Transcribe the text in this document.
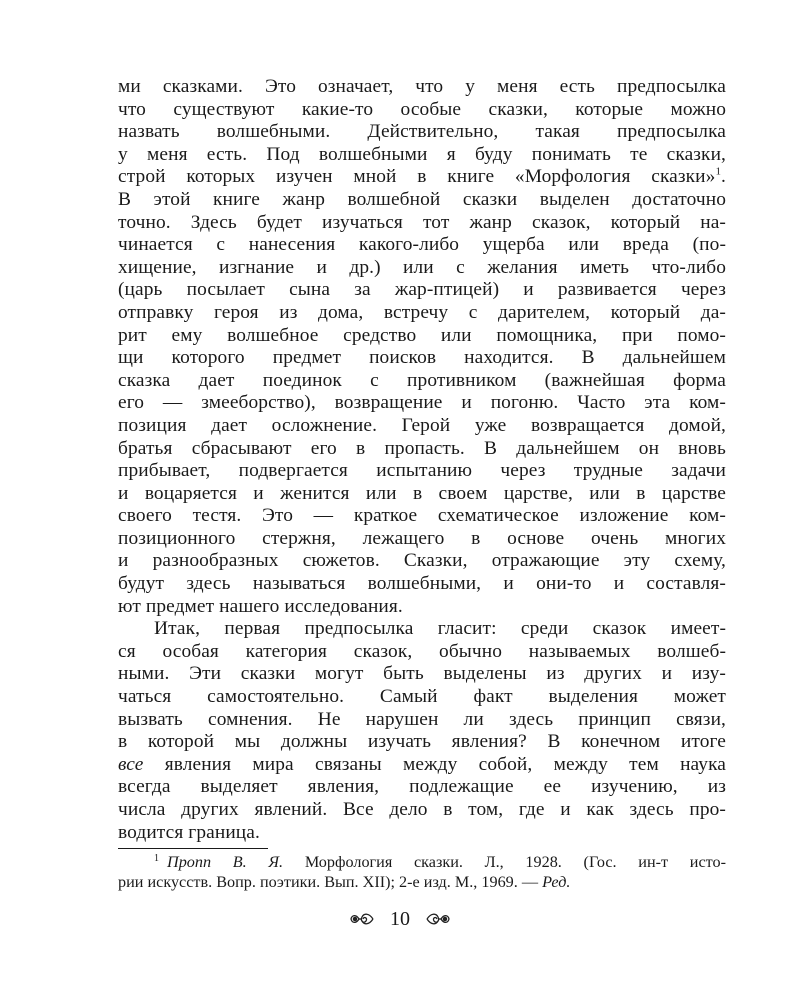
ми сказками. Это означает, что у меня есть предпосылка
что существуют какие-то особые сказки, которые можно
назвать волшебными. Действительно, такая предпосылка
у меня есть. Под волшебными я буду понимать те сказки,
строй которых изучен мной в книге «Морфология сказки»$^1$.
В этой книге жанр волшебной сказки выделен достаточно
точно. Здесь будет изучаться тот жанр сказок, который на-
чинается с нанесения какого-либо ущерба или вреда (по-
хищение, изгнание и др.) или с желания иметь что-либо
(царь посылает сына за жар-птицей) и развивается через
отправку героя из дома, встречу с дарителем, который да-
рит ему волшебное средство или помощника, при помо-
щи которого предмет поисков находится. В дальнейшем
сказка дает поединок с противником (важнейшая форма
его — змееборство), возвращение и погоню. Часто эта ком-
позиция дает осложнение. Герой уже возвращается домой,
братья сбрасывают его в пропасть. В дальнейшем он вновь
прибывает, подвергается испытанию через трудные задачи
и воцаряется и женится или в своем царстве, или в царстве
своего тестя. Это — краткое схематическое изложение ком-
позиционного стержня, лежащего в основе очень многих
и разнообразных сюжетов. Сказки, отражающие эту схему,
будут здесь называться волшебными, и они-то и составля-
ют предмет нашего исследования.
Итак, первая предпосылка гласит: среди сказок имеет-
ся особая категория сказок, обычно называемых волшеб-
ными. Эти сказки могут быть выделены из других и изу-
чаться самостоятельно. Самый факт выделения может
вызвать сомнения. Не нарушен ли здесь принцип связи,
в которой мы должны изучать явления? В конечном итоге
все явления мира связаны между собой, между тем наука
всегда выделяет явления, подлежащие ее изучению, из
числа других явлений. Все дело в том, где и как здесь про-
водится граница.
$^1$ Пропп В. Я. Морфология сказки. Л., 1928. (Гос. ин-т исто-
рии искусств. Вопр. поэтики. Вып. XII); 2-е изд. М., 1969. — Ред.
10
